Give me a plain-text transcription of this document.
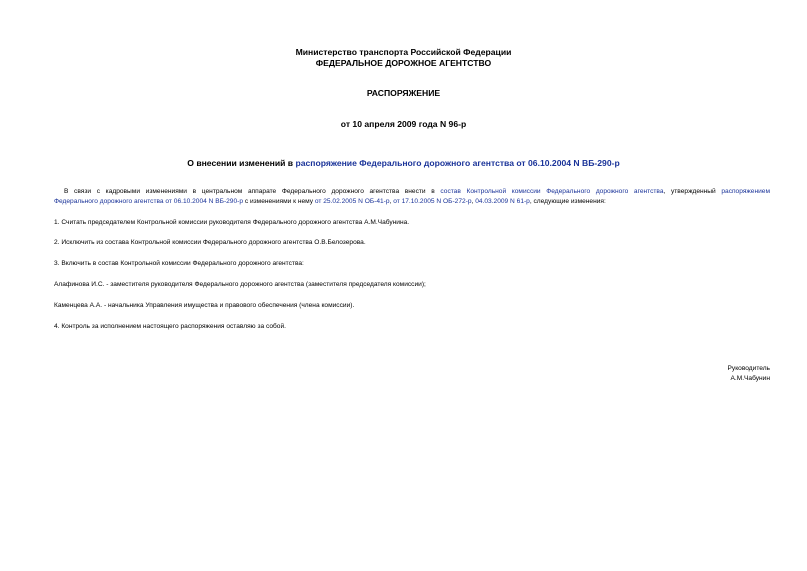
Министерство транспорта Российской Федерации
ФЕДЕРАЛЬНОЕ ДОРОЖНОЕ АГЕНТСТВО
РАСПОРЯЖЕНИЕ
от 10 апреля 2009 года N 96-р
О внесении изменений в распоряжение Федерального дорожного агентства от 06.10.2004 N ВБ-290-р
В связи с кадровыми изменениями в центральном аппарате Федерального дорожного агентства внести в состав Контрольной комиссии Федерального дорожного агентства, утвержденный распоряжением
Федерального дорожного агентства от 06.10.2004 N ВБ-290-р с изменениями к нему от 25.02.2005 N ОБ-41-р, от 17.10.2005 N ОБ-272-р, 04.03.2009 N 61-р, следующие изменения:
1. Считать председателем Контрольной комиссии руководителя Федерального дорожного агентства А.М.Чабунина.
2. Исключить из состава Контрольной комиссии Федерального дорожного агентства О.В.Белозерова.
3. Включить в состав Контрольной комиссии Федерального дорожного агентства:
Алафинова И.С. - заместителя руководителя Федерального дорожного агентства (заместителя председателя комиссии);
Каменцева А.А. - начальника Управления имущества и правового обеспечения (члена комиссии).
4. Контроль за исполнением настоящего распоряжения оставляю за собой.
Руководитель
А.М.Чабунин
